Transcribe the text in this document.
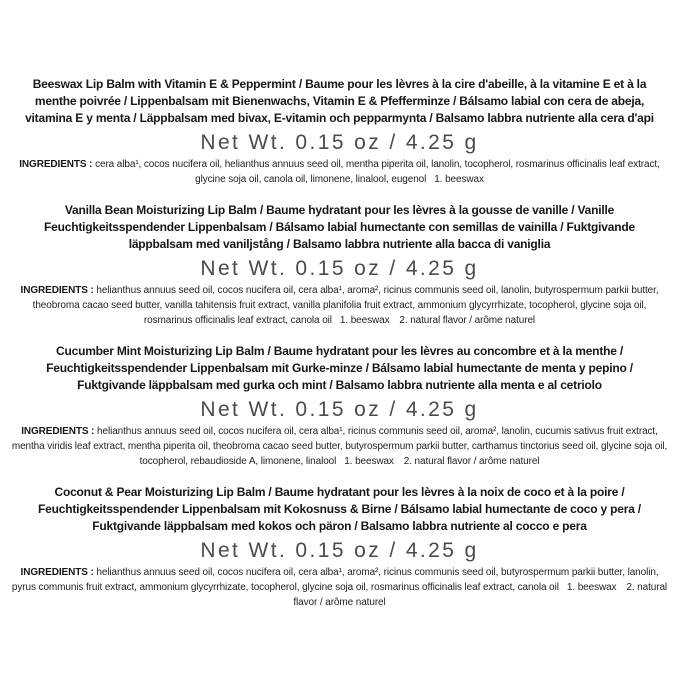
Beeswax Lip Balm with Vitamin E & Peppermint / Baume pour les lèvres à la cire d'abeille, à la vitamine E et à la menthe poivrée / Lippenbalsam mit Bienenwachs, Vitamin E & Pfefferminze / Bálsamo labial con cera de abeja, vitamina E y menta / Läppbalsam med bivax, E-vitamin och pepparmynta / Balsamo labbra nutriente alla cera d'api
Net Wt. 0.15 oz / 4.25 g

INGREDIENTS : cera alba¹, cocos nucifera oil, helianthus annuus seed oil, mentha piperita oil, lanolin, tocopherol, rosmarinus officinalis leaf extract, glycine soja oil, canola oil, limonene, linalool, eugenol 1. beeswax

Vanilla Bean Moisturizing Lip Balm / Baume hydratant pour les lèvres à la gousse de vanille / Vanille Feuchtigkeitsspendender Lippenbalsam / Bálsamo labial humectante con semillas de vainilla / Fuktgivande läppbalsam med vaniljstång / Balsamo labbra nutriente alla bacca di vaniglia
Net Wt. 0.15 oz / 4.25 g

INGREDIENTS : helianthus annuus seed oil, cocos nucifera oil, cera alba¹, aroma², ricinus communis seed oil, lanolin, butyrospermum parkii butter, theobroma cacao seed butter, vanilla tahitensis fruit extract, vanilla planifolia fruit extract, ammonium glycyrrhizate, tocopherol, glycine soja oil, rosmarinus officinalis leaf extract, canola oil 1. beeswax 2. natural flavor / arôme naturel

Cucumber Mint Moisturizing Lip Balm / Baume hydratant pour les lèvres au concombre et à la menthe / Feuchtigkeitsspendender Lippenbalsam mit Gurke-minze / Bálsamo labial humectante de menta y pepino / Fuktgivande läppbalsam med gurka och mint / Balsamo labbra nutriente alla menta e al cetriolo
Net Wt. 0.15 oz / 4.25 g

INGREDIENTS : helianthus annuus seed oil, cocos nucifera oil, cera alba¹, ricinus communis seed oil, aroma², lanolin, cucumis sativus fruit extract, mentha viridis leaf extract, mentha piperita oil, theobroma cacao seed butter, butyrospermum parkii butter, carthamus tinctorius seed oil, glycine soja oil, tocopherol, rebaudioside A, limonene, linalool 1. beeswax 2. natural flavor / arôme naturel

Coconut & Pear Moisturizing Lip Balm / Baume hydratant pour les lèvres à la noix de coco et à la poire / Feuchtigkeitsspendender Lippenbalsam mit Kokosnuss & Birne / Bálsamo labial humectante de coco y pera / Fuktgivande läppbalsam med kokos och päron / Balsamo labbra nutriente al cocco e pera
Net Wt. 0.15 oz / 4.25 g

INGREDIENTS : helianthus annuus seed oil, cocos nucifera oil, cera alba¹, aroma², ricinus communis seed oil, butyrospermum parkii butter, lanolin, pyrus communis fruit extract, ammonium glycyrrhizate, tocopherol, glycine soja oil, rosmarinus officinalis leaf extract, canola oil 1. beeswax 2. natural flavor / arôme naturel
